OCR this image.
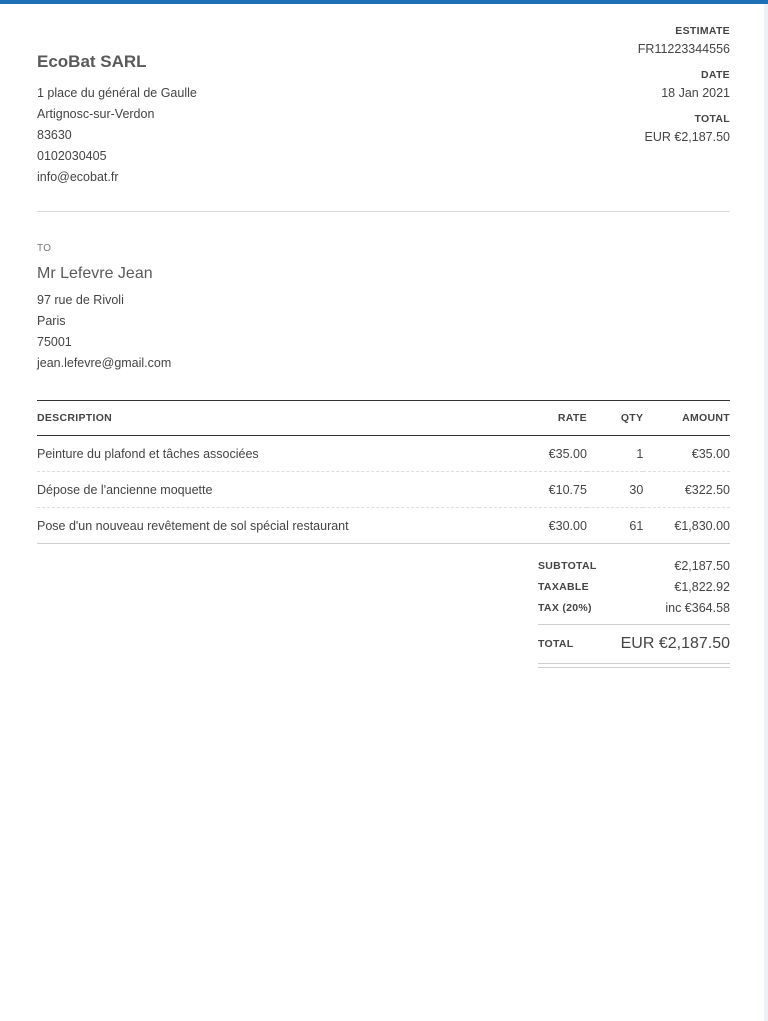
EcoBat SARL
1 place du général de Gaulle
Artignosc-sur-Verdon
83630
0102030405
info@ecobat.fr
ESTIMATE
FR11223344556
DATE
18 Jan 2021
TOTAL
EUR €2,187.50
TO
Mr Lefevre Jean
97 rue de Rivoli
Paris
75001
jean.lefevre@gmail.com
DESCRIPTION	RATE	QTY	AMOUNT
Peinture du plafond et tâches associées	€35.00	1	€35.00
Dépose de l'ancienne moquette	€10.75	30	€322.50
Pose d'un nouveau revêtement de sol spécial restaurant	€30.00	61	€1,830.00
SUBTOTAL	€2,187.50
TAXABLE	€1,822.92
TAX (20%)	inc €364.58
TOTAL	EUR €2,187.50
